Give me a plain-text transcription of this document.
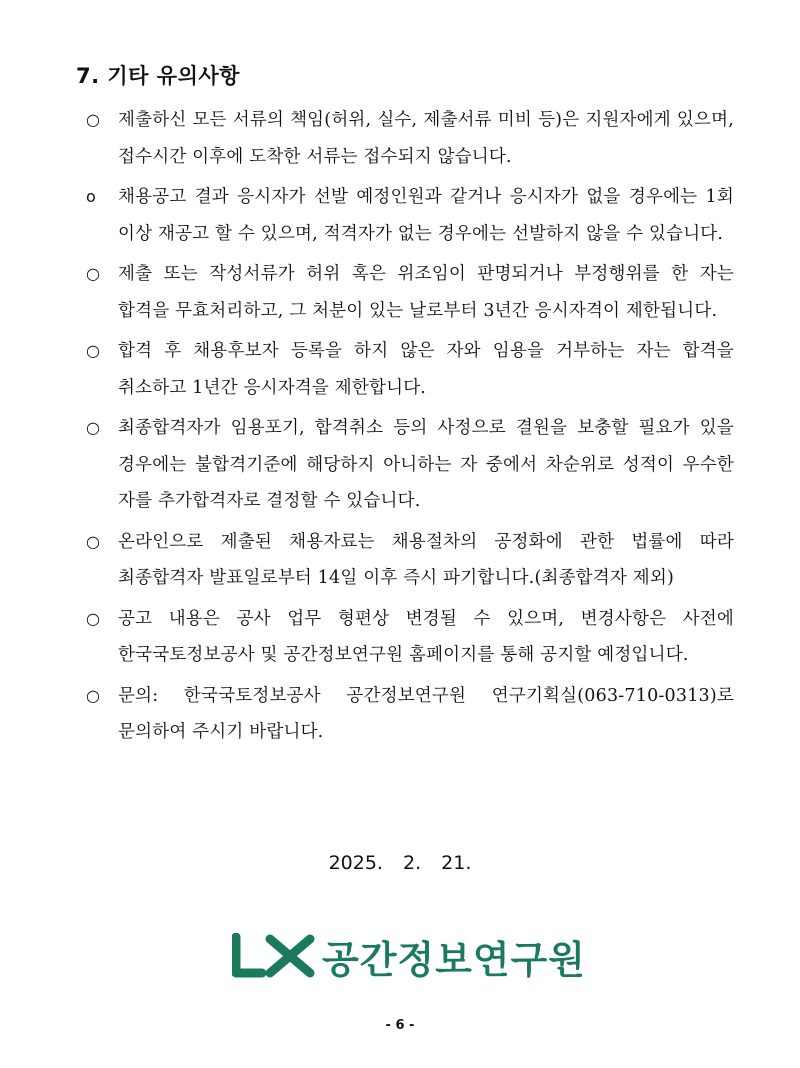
7. 기타 유의사항
○ 제출하신 모든 서류의 책임(허위, 실수, 제출서류 미비 등)은 지원자에게 있으며, 접수시간 이후에 도착한 서류는 접수되지 않습니다.
o 채용공고 결과 응시자가 선발 예정인원과 같거나 응시자가 없을 경우에는 1회 이상 재공고 할 수 있으며, 적격자가 없는 경우에는 선발하지 않을 수 있습니다.
○ 제출 또는 작성서류가 허위 혹은 위조임이 판명되거나 부정행위를 한 자는 합격을 무효처리하고, 그 처분이 있는 날로부터 3년간 응시자격이 제한됩니다.
○ 합격 후 채용후보자 등록을 하지 않은 자와 임용을 거부하는 자는 합격을 취소하고 1년간 응시자격을 제한합니다.
○ 최종합격자가 임용포기, 합격취소 등의 사정으로 결원을 보충할 필요가 있을 경우에는 불합격기준에 해당하지 아니하는 자 중에서 차순위로 성적이 우수한 자를 추가합격자로 결정할 수 있습니다.
○ 온라인으로 제출된 채용자료는 채용절차의 공정화에 관한 법률에 따라 최종합격자 발표일로부터 14일 이후 즉시 파기합니다.(최종합격자 제외)
○ 공고 내용은 공사 업무 형편상 변경될 수 있으며, 변경사항은 사전에 한국국토정보공사 및 공간정보연구원 홈페이지를 통해 공지할 예정입니다.
○ 문의: 한국국토정보공사 공간정보연구원 연구기획실(063-710-0313)로 문의하여 주시기 바랍니다.
2025. 2. 21.
공간정보연구원
- 6 -
